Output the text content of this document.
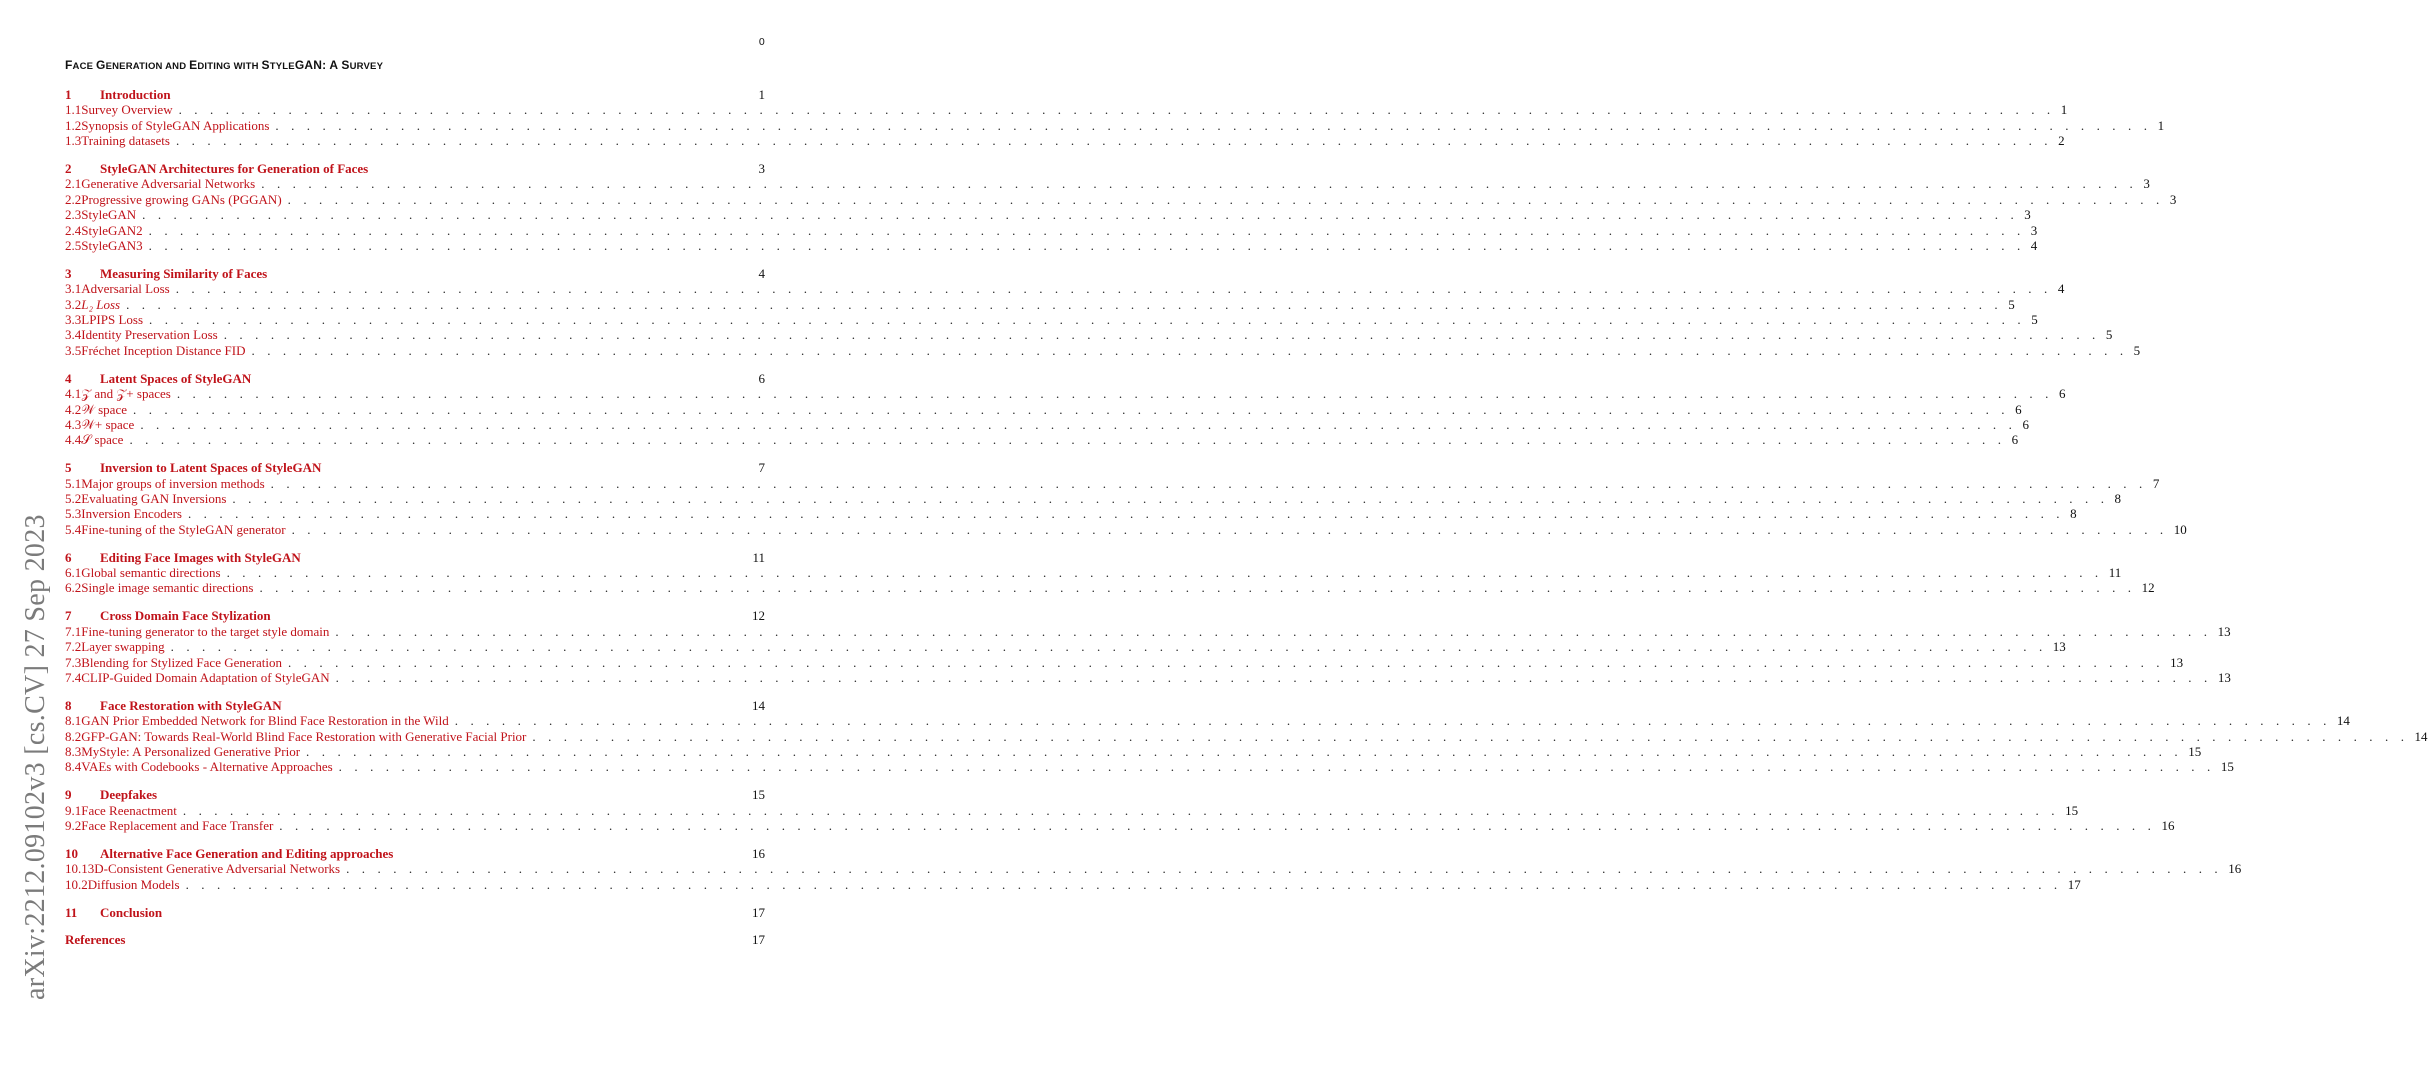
0
FACE GENERATION AND EDITING WITH STYLEGAN: A SURVEY
arXiv:2212.09102v3 [cs.CV] 27 Sep 2023
1	Introduction	1
1.1 Survey Overview . . . . . . . . . . . . . . . . . . . . . . . . . . . . . . . . . . . . . . . . . . . . . . . . . . . . . . . . . . . . . . . . . . . . . . . . . . . . . . . . . . . . . . . . . . . . . . . . . . . . . . . . . . . . . . . . . . . . . . . . 1
1.2 Synopsis of StyleGAN Applications . . . . . . . . . . . . . . . . . . . . . . . . . . . . . . . . . . . . . . . . . . . . . . . . . . . . . . . . . . . . . . . . . . . . . . . . . . . . . . . . . . . . . . . . . . . . . . . . . . . . . . . . . . . . . . . . . . . . . . . . 1
1.3 Training datasets . . . . . . . . . . . . . . . . . . . . . . . . . . . . . . . . . . . . . . . . . . . . . . . . . . . . . . . . . . . . . . . . . . . . . . . . . . . . . . . . . . . . . . . . . . . . . . . . . . . . . . . . . . . . . . . . . . . . . . . . 2
2	StyleGAN Architectures for Generation of Faces	3
2.1 Generative Adversarial Networks . . . . . . . . . . . . . . . . . . . . . . . . . . . . . . . . . . . . . . . . . . . . . . . . . . . . . . . . . . . . . . . . . . . . . . . . . . . . . . . . . . . . . . . . . . . . . . . . . . . . . . . . . . . . . . . . . . . . . . . . 3
2.2 Progressive growing GANs (PGGAN) . . . . . . . . . . . . . . . . . . . . . . . . . . . . . . . . . . . . . . . . . . . . . . . . . . . . . . . . . . . . . . . . . . . . . . . . . . . . . . . . . . . . . . . . . . . . . . . . . . . . . . . . . . . . . . . . . . . . . . . . 3
2.3 StyleGAN . . . . . . . . . . . . . . . . . . . . . . . . . . . . . . . . . . . . . . . . . . . . . . . . . . . . . . . . . . . . . . . . . . . . . . . . . . . . . . . . . . . . . . . . . . . . . . . . . . . . . . . . . . . . . . . . . . . . . . . . 3
2.4 StyleGAN2 . . . . . . . . . . . . . . . . . . . . . . . . . . . . . . . . . . . . . . . . . . . . . . . . . . . . . . . . . . . . . . . . . . . . . . . . . . . . . . . . . . . . . . . . . . . . . . . . . . . . . . . . . . . . . . . . . . . . . . . . 3
2.5 StyleGAN3 . . . . . . . . . . . . . . . . . . . . . . . . . . . . . . . . . . . . . . . . . . . . . . . . . . . . . . . . . . . . . . . . . . . . . . . . . . . . . . . . . . . . . . . . . . . . . . . . . . . . . . . . . . . . . . . . . . . . . . . . 4
3	Measuring Similarity of Faces	4
3.1 Adversarial Loss . . . . . . . . . . . . . . . . . . . . . . . . . . . . . . . . . . . . . . . . . . . . . . . . . . . . . . . . . . . . . . . . . . . . . . . . . . . . . . . . . . . . . . . . . . . . . . . . . . . . . . . . . . . . . . . . . . . . . . . . 4
3.2 L₂ Loss . . . . . . . . . . . . . . . . . . . . . . . . . . . . . . . . . . . . . . . . . . . . . . . . . . . . . . . . . . . . . . . . . . . . . . . . . . . . . . . . . . . . . . . . . . . . . . . . . . . . . . . . . . . . . . . . . . . . . . . . 5
3.3 LPIPS Loss . . . . . . . . . . . . . . . . . . . . . . . . . . . . . . . . . . . . . . . . . . . . . . . . . . . . . . . . . . . . . . . . . . . . . . . . . . . . . . . . . . . . . . . . . . . . . . . . . . . . . . . . . . . . . . . . . . . . . . . . 5
3.4 Identity Preservation Loss . . . . . . . . . . . . . . . . . . . . . . . . . . . . . . . . . . . . . . . . . . . . . . . . . . . . . . . . . . . . . . . . . . . . . . . . . . . . . . . . . . . . . . . . . . . . . . . . . . . . . . . . . . . . . . . . . . . . . . . . 5
3.5 Fréchet Inception Distance FID . . . . . . . . . . . . . . . . . . . . . . . . . . . . . . . . . . . . . . . . . . . . . . . . . . . . . . . . . . . . . . . . . . . . . . . . . . . . . . . . . . . . . . . . . . . . . . . . . . . . . . . . . . . . . . . . . . . . . . . . 5
4	Latent Spaces of StyleGAN	6
4.1 𝒵 and 𝒵+ spaces . . . . . . . . . . . . . . . . . . . . . . . . . . . . . . . . . . . . . . . . . . . . . . . . . . . . . . . . . . . . . . . . . . . . . . . . . . . . . . . . . . . . . . . . . . . . . . . . . . . . . . . . . . . . . . . . . . . . . . . . 6
4.2 𝒲 space . . . . . . . . . . . . . . . . . . . . . . . . . . . . . . . . . . . . . . . . . . . . . . . . . . . . . . . . . . . . . . . . . . . . . . . . . . . . . . . . . . . . . . . . . . . . . . . . . . . . . . . . . . . . . . . . . . . . . . . . 6
4.3 𝒲+ space . . . . . . . . . . . . . . . . . . . . . . . . . . . . . . . . . . . . . . . . . . . . . . . . . . . . . . . . . . . . . . . . . . . . . . . . . . . . . . . . . . . . . . . . . . . . . . . . . . . . . . . . . . . . . . . . . . . . . . . . 6
4.4 𝒮 space . . . . . . . . . . . . . . . . . . . . . . . . . . . . . . . . . . . . . . . . . . . . . . . . . . . . . . . . . . . . . . . . . . . . . . . . . . . . . . . . . . . . . . . . . . . . . . . . . . . . . . . . . . . . . . . . . . . . . . . . 6
5	Inversion to Latent Spaces of StyleGAN	7
5.1 Major groups of inversion methods . . . . . . . . . . . . . . . . . . . . . . . . . . . . . . . . . . . . . . . . . . . . . . . . . . . . . . . . . . . . . . . . . . . . . . . . . . . . . . . . . . . . . . . . . . . . . . . . . . . . . . . . . . . . . . . . . . . . . . . . 7
5.2 Evaluating GAN Inversions . . . . . . . . . . . . . . . . . . . . . . . . . . . . . . . . . . . . . . . . . . . . . . . . . . . . . . . . . . . . . . . . . . . . . . . . . . . . . . . . . . . . . . . . . . . . . . . . . . . . . . . . . . . . . . . . . . . . . . . . 8
5.3 Inversion Encoders . . . . . . . . . . . . . . . . . . . . . . . . . . . . . . . . . . . . . . . . . . . . . . . . . . . . . . . . . . . . . . . . . . . . . . . . . . . . . . . . . . . . . . . . . . . . . . . . . . . . . . . . . . . . . . . . . . . . . . . . 8
5.4 Fine-tuning of the StyleGAN generator . . . . . . . . . . . . . . . . . . . . . . . . . . . . . . . . . . . . . . . . . . . . . . . . . . . . . . . . . . . . . . . . . . . . . . . . . . . . . . . . . . . . . . . . . . . . . . . . . . . . . . . . . . . . . . . . . . . . . . . . 10
6	Editing Face Images with StyleGAN	11
6.1 Global semantic directions . . . . . . . . . . . . . . . . . . . . . . . . . . . . . . . . . . . . . . . . . . . . . . . . . . . . . . . . . . . . . . . . . . . . . . . . . . . . . . . . . . . . . . . . . . . . . . . . . . . . . . . . . . . . . . . . . . . . . . . . 11
6.2 Single image semantic directions . . . . . . . . . . . . . . . . . . . . . . . . . . . . . . . . . . . . . . . . . . . . . . . . . . . . . . . . . . . . . . . . . . . . . . . . . . . . . . . . . . . . . . . . . . . . . . . . . . . . . . . . . . . . . . . . . . . . . . . . 12
7	Cross Domain Face Stylization	12
7.1 Fine-tuning generator to the target style domain . . . . . . . . . . . . . . . . . . . . . . . . . . . . . . . . . . . . . . . . . . . . . . . . . . . . . . . . . . . . . . . . . . . . . . . . . . . . . . . . . . . . . . . . . . . . . . . . . . . . . . . . . . . . . . . . . . . . . . . . 13
7.2 Layer swapping . . . . . . . . . . . . . . . . . . . . . . . . . . . . . . . . . . . . . . . . . . . . . . . . . . . . . . . . . . . . . . . . . . . . . . . . . . . . . . . . . . . . . . . . . . . . . . . . . . . . . . . . . . . . . . . . . . . . . . . . 13
7.3 Blending for Stylized Face Generation . . . . . . . . . . . . . . . . . . . . . . . . . . . . . . . . . . . . . . . . . . . . . . . . . . . . . . . . . . . . . . . . . . . . . . . . . . . . . . . . . . . . . . . . . . . . . . . . . . . . . . . . . . . . . . . . . . . . . . . . 13
7.4 CLIP-Guided Domain Adaptation of StyleGAN . . . . . . . . . . . . . . . . . . . . . . . . . . . . . . . . . . . . . . . . . . . . . . . . . . . . . . . . . . . . . . . . . . . . . . . . . . . . . . . . . . . . . . . . . . . . . . . . . . . . . . . . . . . . . . . . . . . . . . . . 13
8	Face Restoration with StyleGAN	14
8.1 GAN Prior Embedded Network for Blind Face Restoration in the Wild . . . . . . . . . . . . . . . . . . . . . . . . . . . . . . . . . . . . . . . . . . . . . . . . . . . . . . . . . . . . . . . . . . . . . . . . . . . . . . . . . . . . . . . . . . . . . . . . . . . . . . . . . . . . . . . . . . . . . . . . 14
8.2 GFP-GAN: Towards Real-World Blind Face Restoration with Generative Facial Prior . . . . . . . . . . . . . . . . . . . . . . . . . . . . . . . . . . . . . . . . . . . . . . . . . . . . . . . . . . . . . . . . . . . . . . . . . . . . . . . . . . . . . . . . . . . . . . . . . . . . . . . . . . . . . . . . . . . . . . . . 14
8.3 MyStyle: A Personalized Generative Prior . . . . . . . . . . . . . . . . . . . . . . . . . . . . . . . . . . . . . . . . . . . . . . . . . . . . . . . . . . . . . . . . . . . . . . . . . . . . . . . . . . . . . . . . . . . . . . . . . . . . . . . . . . . . . . . . . . . . . . . . 15
8.4 VAEs with Codebooks - Alternative Approaches . . . . . . . . . . . . . . . . . . . . . . . . . . . . . . . . . . . . . . . . . . . . . . . . . . . . . . . . . . . . . . . . . . . . . . . . . . . . . . . . . . . . . . . . . . . . . . . . . . . . . . . . . . . . . . . . . . . . . . . . 15
9	Deepfakes	15
9.1 Face Reenactment . . . . . . . . . . . . . . . . . . . . . . . . . . . . . . . . . . . . . . . . . . . . . . . . . . . . . . . . . . . . . . . . . . . . . . . . . . . . . . . . . . . . . . . . . . . . . . . . . . . . . . . . . . . . . . . . . . . . . . . . 15
9.2 Face Replacement and Face Transfer . . . . . . . . . . . . . . . . . . . . . . . . . . . . . . . . . . . . . . . . . . . . . . . . . . . . . . . . . . . . . . . . . . . . . . . . . . . . . . . . . . . . . . . . . . . . . . . . . . . . . . . . . . . . . . . . . . . . . . . . 16
10	Alternative Face Generation and Editing approaches	16
10.1 3D-Consistent Generative Adversarial Networks . . . . . . . . . . . . . . . . . . . . . . . . . . . . . . . . . . . . . . . . . . . . . . . . . . . . . . . . . . . . . . . . . . . . . . . . . . . . . . . . . . . . . . . . . . . . . . . . . . . . . . . . . . . . . . . . . . . . . . . . 16
10.2 Diffusion Models . . . . . . . . . . . . . . . . . . . . . . . . . . . . . . . . . . . . . . . . . . . . . . . . . . . . . . . . . . . . . . . . . . . . . . . . . . . . . . . . . . . . . . . . . . . . . . . . . . . . . . . . . . . . . . . . . . . . . . . . 17
11	Conclusion	17
References	17
